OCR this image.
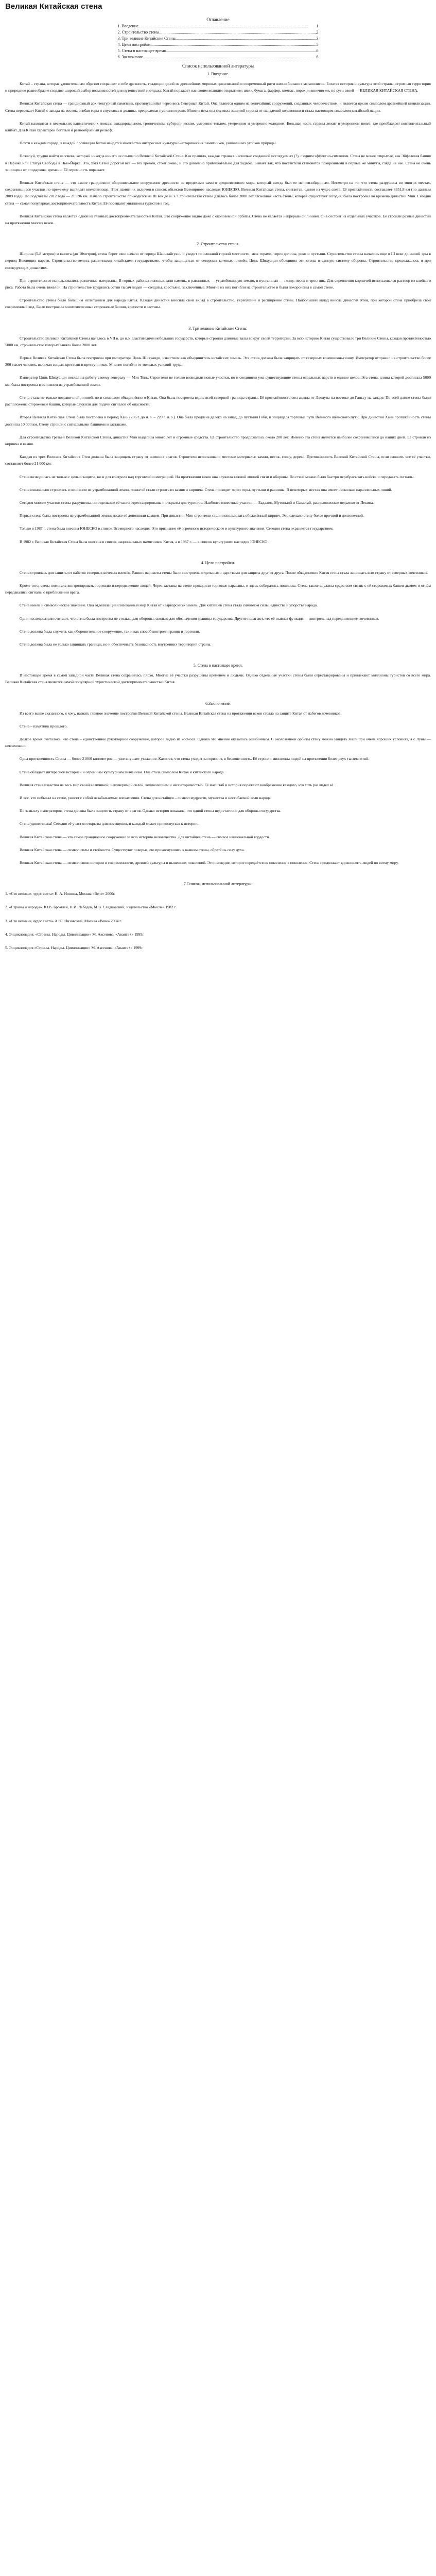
Великая Китайская стена
Оглавление
1. Введение .....	1
2. Строительство стены .....	2
3. Три великие Китайские Стены .....	3
4. Цели постройки .....	5
5. Стена в настоящее время .....	6
6. Заключение .....	6
Список использованной литературы
1. Введение.

Китай – страна, которая удивительным образом сохраняет в себе древность, традиции одной из древнейших мировых цивилизаций и современный ритм жизни больших мегаполисов. Богатая история и культура этой страны, огромная территория и природное разнообразие создают широкий выбор возможностей для путешествий и отдыха. Китай поражает нас своим великим открытием: шелк, бумага, фарфор, компас, порох, и конечно же, по сути своей — ВЕЛИКАЯ КИТАЙСКАЯ СТЕНА.

Великая Китайская стена — грандиозный архитектурный памятник, протянувшийся через весь Северный Китай. Она является одним из величайших сооружений, созданных человечеством, и является ярким символом древнейшей цивилизации. Стена пересекает Китай с запада на восток, огибая горы и спускаясь в долины, преодолевая пустыни и реки. Многие века она служила защитой страны от нападений кочевников и стала настоящим символом китайской нации.

Китай находится в нескольких климатических поясах: эквадориальном, тропическом, субтропическом, умеренно-теплом, умеренном и умеренно-холодном. Большая часть страны лежит в умеренном поясе; где преобладает континентальный климат. Для Китая характерен богатый и разнообразный рельеф.

Почти в каждом городе, в каждой провинции Китая найдется множество интересных культурно-исторических памятников, уникальных уголков природы.

Пожалуй, трудно найти человека, который никогда ничего не слышал о Великой Китайской Стене. Как правило, каждая страна в несколько созданной исследуемых (?), с одним эффектно-символом. Стена не менее открытые, как Эйфелевая башня в Париже или Статуя Свободы в Нью-Йорке. Это, хотя Стена дорогой все — тех времён, стоит очень, и это довольно привлекательно для ходьбы. Бывает так, что посетители становятся покорёнными в первые же минуты, глядя на нее. Стена не очень защищена от «подарков» времени. Её огромность поражает.

Великая Китайская стена — это самое грандиозное оборонительное сооружение древности за пределами самого средневекового мира, который всегда был ее непревзойденным. Несмотря на то, что стена разрушена во многих местах, сохранившиеся участки по-прежнему выглядят впечатляюще. Этот памятник включен в список объектов Всемирного наследия ЮНЕСКО. Великая Китайская стена, считается, одним из чудес света. Её протяжённость составляет 8851,8 км (по данным 2009 года). По подсчётам 2012 года — 21 196 км. Начало строительства приходится на III век до н. э. Строительство стены длилось более 2000 лет. Основная часть стены, которая существует сегодня, была построена во времена династии Мин. Сегодня стена — самая популярная достопримечательность Китая. Её посещают миллионы туристов в год.

Великая Китайская стена является одной из главных достопримечательностей Китая. Это сооружение видно даже с околоземной орбиты. Стена не является непрерывной линией. Она состоит из отдельных участков. Её строили разные династии на протяжении многих веков.

2. Строительство стены.

Ширина (5-8 метров) и высота (до 10метров), стена берет свое начало от города Шаньхайгуань и уходит по сложной горной местности, меж горами, через долины, реки и пустыни. Строительство стены началось еще в III веке до нашей эры в период Воюющих царств. Строительство велось различными китайскими государствами, чтобы защищаться от северных кочевых племён. Цинь Шихуанди объединил эти стены в единую систему обороны. Строительство продолжалось и при последующих династиях.

При строительстве использовались различные материалы. В горных районах использовали камень, в равнинных — утрамбованную землю, в пустынных — глину, песок и тростник. Для скрепления кирпичей использовался раствор из клейкого риса. Работа была очень тяжелой. На строительстве трудились сотни тысяч людей — солдаты, крестьяне, заключённые. Многие из них погибли на строительстве и были похоронены в самой стене.

Строительство стены было большим испытанием для народа Китая. Каждая династия вносила свой вклад в строительство, укрепление и расширение стены. Наибольший вклад внесла династия Мин, при которой стена приобрела свой современный вид. Были построены многочисленные сторожевые башни, крепости и заставы.

3. Три великие Китайские Стены.

Строительство Великой Китайской Стены началось в VII в. до н.э. властителями небольших государств, которые строили длинные валы вокруг своей территории. За всю историю Китая существовало три Великие Стены, каждая протяжённостью 5000 км, строительство которых заняло более 2000 лет.

Первая Великая Китайская Стена была построена при императоре Цинь Шихуанди, известном как объединитель китайских земель. Эта стена должна была защищать от северных кочевников-сюнну. Император отправил на строительство более 300 тысяч человек, включая солдат, крестьян и преступников. Многие погибли от тяжелых условий труда.

Император Цинь Шихуанди послал на работу своему генералу — Мэн Тянь. Строители не только возводили новые участки, но и соединяли уже существующие стены отдельных царств в единое целое. Эта стена, длина которой достигала 5000 км, была построена в основном из утрамбованной земли.

Стена стала не только пограничной линией, но и символом объединённого Китая. Она была построена вдоль всей северной границы страны. Её протяжённость составляла от Ляодуна на востоке до Ганьсу на западе. По всей длине стены были расположены сторожевые башни, которые служили для подачи сигналов об опасности.

Вторая Великая Китайская Стена была построена в период Хань (206 г. до н. э. – 220 г. н. э.). Она была продлена далеко на запад, до пустыни Гоби, и защищала торговые пути Великого шёлкового пути. При династии Хань протяжённость стены достигла 10 000 км. Стену строили с сигнальными башнями и заставами.

Для строительства третьей Великой Китайской Стены, династия Мин выделила много лет и огромные средства. Её строительство продолжалось около 200 лет. Именно эта стена является наиболее сохранившейся до наших дней. Её строили из кирпича и камня.

Каждая из трех Великих Китайских Стен должна была защищать страну от внешних врагов. Строители использовали местные материалы: камни, песок, глину, дерево. Протяжённость Великой Китайской Стены, если сложить все её участки, составляет более 21 000 км.

Стена возводилась не только с целью защиты, но и для контроля над торговлей и миграцией. На протяжении веков она служила важной линией связи и обороны. По стене можно было быстро перебрасывать войска и передавать сигналы.

Стена изначально строилась в основном из утрамбованной земли, позже её стали строить из камня и кирпича. Стена проходит через горы, пустыни и равнины. В некоторых местах она имеет несколько параллельных линий.

Сегодня многие участки стены разрушены, но отдельные её части отреставрированы и открыты для туристов. Наиболее известные участки — Бадалин, Мутяньюй и Сыматай, расположенные недалеко от Пекина.

Первая стена была построена из утрамбованной земли; позже её дополняли камнем. При династии Мин строители стали использовать обожжённый кирпич. Это сделало стену более прочной и долговечной.

Только в 1987 г. стена была внесена ЮНЕСКО в список Всемирного наследия. Это признание её огромного исторического и культурного значения. Сегодня стена охраняется государством.

В 1982 г. Великая Китайская Стена была внесена в список национальных памятников Китая, а в 1987 г. — в список культурного наследия ЮНЕСКО.

4. Цели постройки.

Стена строилась для защиты от набегов северных кочевых племён. Ранние варианты стены были построены отдельными царствами для защиты друг от друга. После объединения Китая стена стала защищать всю страну от северных кочевников.

Кроме того, стена помогала контролировать торговлю и передвижение людей. Через заставы на стене проходили торговые караваны, и здесь собирались пошлины. Стена также служила средством связи: с её сторожевых башен дымом и огнём передавались сигналы о приближении врага.

Стена имела и символическое значение. Она отделяла цивилизованный мир Китая от «варварских» земель. Для китайцев стена стала символом силы, единства и упорства народа.

Одни исследователи считают, что стена была построена не столько для обороны, сколько для обозначения границы государства. Другие полагают, что её главная функция — контроль над передвижением кочевников.

Стена должна была служить как оборонительное сооружение, так и как способ контроля границ и торговли.

Стена должна была не только защищать границы, но и обеспечивать безопасность внутренних территорий страны.

5. Стена в настоящее время.

В настоящее время в самой западной части Великая стена сохранилась плохо. Многие её участки разрушены временем и людьми. Однако отдельные участки стены были отреставрированы и привлекают миллионы туристов со всего мира. Великая Китайская стена является самой популярной туристической достопримечательностью Китая.

6.Заключение.

Из всего выше сказанного, я хочу, назвать главное значение постройки Великой Китайской стены. Великая Китайская стена на протяжении веков стояла на защите Китая от набегов кочевников.

Стена – памятник прошлого.

Долгое время считалось, что стена – единственное рукотворное сооружение, которое видно из космоса. Однако это мнение оказалось ошибочным. С околоземной орбиты стену можно увидеть лишь при очень хороших условиях, а с Луны — невозможно.

Одна протяженность Стены — более 21000 километров — уже внушает уважение. Кажется, что стена уходит за горизонт, в бесконечность. Её строили миллионы людей на протяжении более двух тысячелетий.

Стена обладает интересной историей и огромным культурным значением. Она стала символом Китая и китайского народа.

Великая стена известна на весь мир своей величиной, неизмеримой силой, великолепием и неповторимостью. Её масштаб и история поражают воображение каждого, кто хоть раз видел её.

И все, кто побывал на стене, уносят с собой незабываемые впечатления. Стена для китайцев – символ мудрости, мужества и несгибаемой воли народа.

По замыслу императоров, стена должна была защитить страну от врагов. Однако история показала, что одной стены недостаточно для обороны государства.

Стена удивительна! Сегодня её участки открыты для посещения, и каждый может прикоснуться к истории.

Великая Китайская стена — это самое грандиозное сооружение за всю историю человечества. Для китайцев стена — символ национальной гордости.

Великая Китайская стена — символ силы и стойкости. Существуют поверья, что прикоснувшись к камням стены, обретёшь силу духа.

Великая Китайская стена — символ связи истории и современности, древней культуры и нынешних поколений. Это наследие, которое передаётся из поколения в поколение. Стена продолжает вдохновлять людей по всему миру.

7.Список, использованной литературы.
1. «Сто великих чудес света» Н. А. Ионина, Москва «Вече» 2000г.
2. «Страны и народы». Ю.В. Бромлей, Н.И. Лебедев, М.В. Сладковский, издательство «Мысль» 1982 г.
3. «Сто великих чудес света» А.Ю. Низовский, Москва «Вече» 2004 г.
4. Энциклопедия. «Страны. Народы. Цивилизации» М. Аксенова, «Аванта+» 1999г.
5. Энциклопедия «Страны. Народы. Цивилизации» М. Аксенова, «Аванта+» 1999г.
